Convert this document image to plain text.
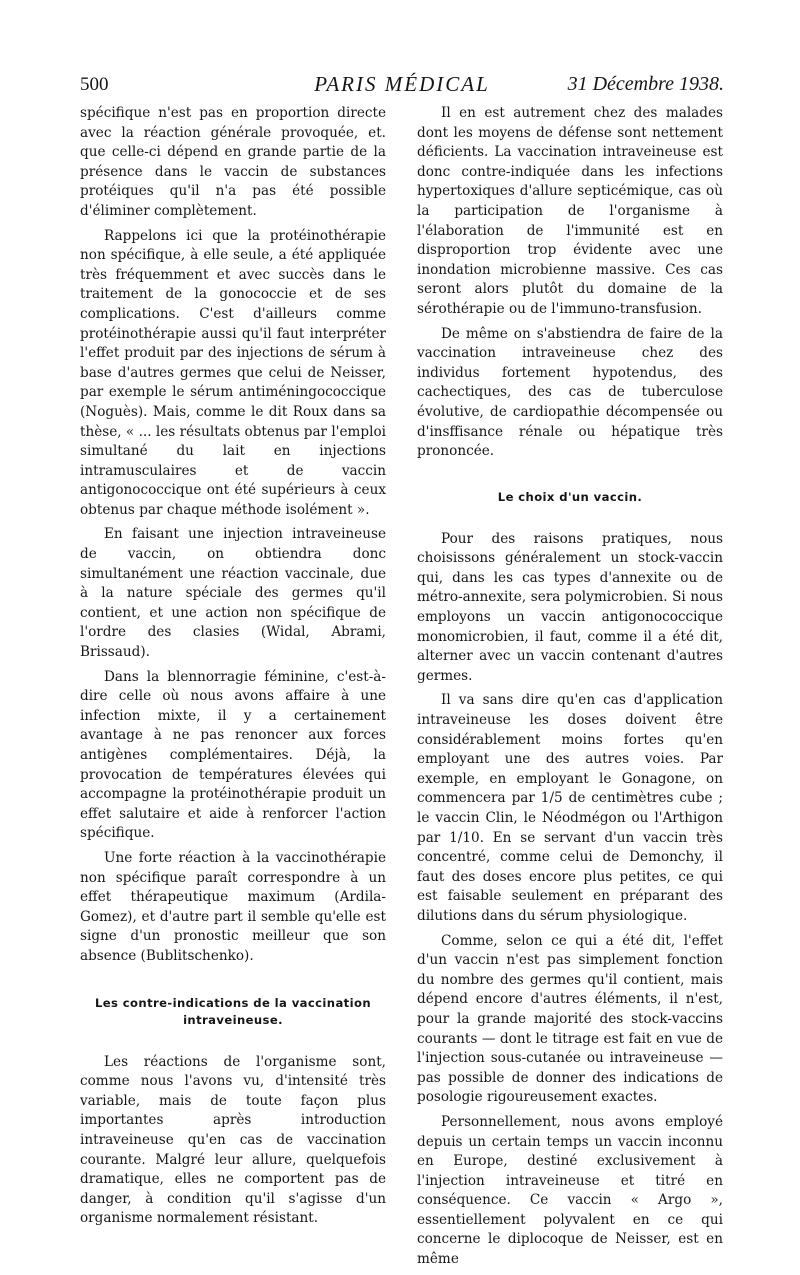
500	PARIS MÉDICAL	31 Décembre 1938.

spécifique n'est pas en proportion directe avec la réaction générale provoquée, et. que celle-ci dépend en grande partie de la présence dans le vaccin de substances protéiques qu'il n'a pas été possible d'éliminer complètement.

Rappelons ici que la protéinothérapie non spécifique, à elle seule, a été appliquée très fréquemment et avec succès dans le traitement de la gonococcie et de ses complications. C'est d'ailleurs comme protéinothérapie aussi qu'il faut interpréter l'effet produit par des injections de sérum à base d'autres germes que celui de Neisser, par exemple le sérum antiméningococcique (Noguès). Mais, comme le dit Roux dans sa thèse, « ... les résultats obtenus par l'emploi simultané du lait en injections intramusculaires et de vaccin antigonococcique ont été supérieurs à ceux obtenus par chaque méthode isolément ».

En faisant une injection intraveineuse de vaccin, on obtiendra donc simultanément une réaction vaccinale, due à la nature spéciale des germes qu'il contient, et une action non spécifique de l'ordre des clasies (Widal, Abrami, Brissaud).

Dans la blennorragie féminine, c'est-à-dire celle où nous avons affaire à une infection mixte, il y a certainement avantage à ne pas renoncer aux forces antigènes complémentaires. Déjà, la provocation de températures élevées qui accompagne la protéinothérapie produit un effet salutaire et aide à renforcer l'action spécifique.

Une forte réaction à la vaccinothérapie non spécifique paraît correspondre à un effet thérapeutique maximum (Ardila-Gomez), et d'autre part il semble qu'elle est signe d'un pronostic meilleur que son absence (Bublitschenko).

Les contre-indications de la vaccination intraveineuse.

Les réactions de l'organisme sont, comme nous l'avons vu, d'intensité très variable, mais de toute façon plus importantes après introduction intraveineuse qu'en cas de vaccination courante. Malgré leur allure, quelquefois dramatique, elles ne comportent pas de danger, à condition qu'il s'agisse d'un organisme normalement résistant.

Il en est autrement chez des malades dont les moyens de défense sont nettement déficients. La vaccination intraveineuse est donc contre-indiquée dans les infections hypertoxiques d'allure septicémique, cas où la participation de l'organisme à l'élaboration de l'immunité est en disproportion trop évidente avec une inondation microbienne massive. Ces cas seront alors plutôt du domaine de la sérothérapie ou de l'immuno-transfusion.

De même on s'abstiendra de faire de la vaccination intraveineuse chez des individus fortement hypotendus, des cachectiques, des cas de tuberculose évolutive, de cardiopathie décompensée ou d'insffisance rénale ou hépatique très prononcée.

Le choix d'un vaccin.

Pour des raisons pratiques, nous choisissons généralement un stock-vaccin qui, dans les cas types d'annexite ou de métro-annexite, sera polymicrobien. Si nous employons un vaccin antigonococcique monomicrobien, il faut, comme il a été dit, alterner avec un vaccin contenant d'autres germes.

Il va sans dire qu'en cas d'application intraveineuse les doses doivent être considérablement moins fortes qu'en employant une des autres voies. Par exemple, en employant le Gonagone, on commencera par 1/5 de centimètres cube ; le vaccin Clin, le Néodmégon ou l'Arthigon par 1/10. En se servant d'un vaccin très concentré, comme celui de Demonchy, il faut des doses encore plus petites, ce qui est faisable seulement en préparant des dilutions dans du sérum physiologique.

Comme, selon ce qui a été dit, l'effet d'un vaccin n'est pas simplement fonction du nombre des germes qu'il contient, mais dépend encore d'autres éléments, il n'est, pour la grande majorité des stock-vaccins courants — dont le titrage est fait en vue de l'injection sous-cutanée ou intraveineuse — pas possible de donner des indications de posologie rigoureusement exactes.

Personnellement, nous avons employé depuis un certain temps un vaccin inconnu en Europe, destiné exclusivement à l'injection intraveineuse et titré en conséquence. Ce vaccin « Argo », essentiellement polyvalent en ce qui concerne le diplocoque de Neisser, est en même
